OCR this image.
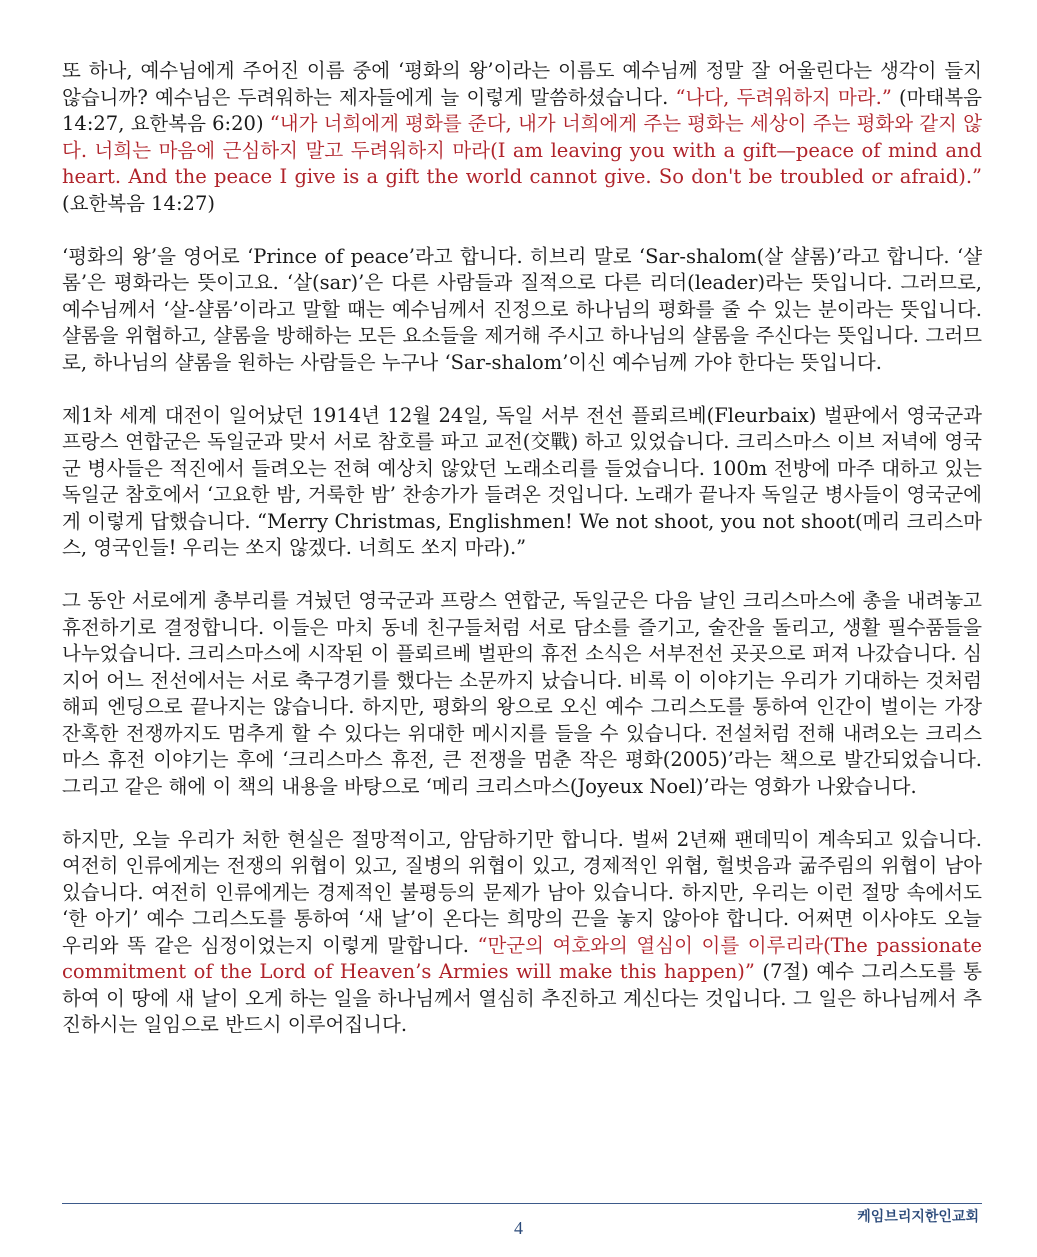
또 하나, 예수님에게 주어진 이름 중에 ‘평화의 왕’이라는 이름도 예수님께 정말 잘 어울린다는 생각이 들지 않습니까? 예수님은 두려워하는 제자들에게 늘 이렇게 말씀하셨습니다. “나다, 두려워하지 마라.” (마태복음 14:27, 요한복음 6:20) “내가 너희에게 평화를 준다, 내가 너희에게 주는 평화는 세상이 주는 평화와 같지 않다. 너희는 마음에 근심하지 말고 두려워하지 마라(I am leaving you with a gift—peace of mind and heart. And the peace I give is a gift the world cannot give. So don't be troubled or afraid).” (요한복음 14:27)

‘평화의 왕’을 영어로 ‘Prince of peace’라고 합니다. 히브리 말로 ‘Sar-shalom(살 샬롬)’라고 합니다. ‘샬롬’은 평화라는 뜻이고요. ‘살(sar)’은 다른 사람들과 질적으로 다른 리더(leader)라는 뜻입니다. 그러므로, 예수님께서 ‘살-샬롬’이라고 말할 때는 예수님께서 진정으로 하나님의 평화를 줄 수 있는 분이라는 뜻입니다. 샬롬을 위협하고, 샬롬을 방해하는 모든 요소들을 제거해 주시고 하나님의 샬롬을 주신다는 뜻입니다. 그러므로, 하나님의 샬롬을 원하는 사람들은 누구나 ‘Sar-shalom’이신 예수님께 가야 한다는 뜻입니다.

제1차 세계 대전이 일어났던 1914년 12월 24일, 독일 서부 전선 플뢰르베(Fleurbaix) 벌판에서 영국군과 프랑스 연합군은 독일군과 맞서 서로 참호를 파고 교전(交戰) 하고 있었습니다. 크리스마스 이브 저녁에 영국군 병사들은 적진에서 들려오는 전혀 예상치 않았던 노래소리를 들었습니다. 100m 전방에 마주 대하고 있는 독일군 참호에서 ‘고요한 밤, 거룩한 밤’ 찬송가가 들려온 것입니다. 노래가 끝나자 독일군 병사들이 영국군에게 이렇게 답했습니다. “Merry Christmas, Englishmen! We not shoot, you not shoot(메리 크리스마스, 영국인들! 우리는 쏘지 않겠다. 너희도 쏘지 마라).”

그 동안 서로에게 총부리를 겨눴던 영국군과 프랑스 연합군, 독일군은 다음 날인 크리스마스에 총을 내려놓고 휴전하기로 결정합니다. 이들은 마치 동네 친구들처럼 서로 담소를 즐기고, 술잔을 돌리고, 생활 필수품들을 나누었습니다. 크리스마스에 시작된 이 플뢰르베 벌판의 휴전 소식은 서부전선 곳곳으로 퍼져 나갔습니다. 심지어 어느 전선에서는 서로 축구경기를 했다는 소문까지 났습니다. 비록 이 이야기는 우리가 기대하는 것처럼 해피 엔딩으로 끝나지는 않습니다. 하지만, 평화의 왕으로 오신 예수 그리스도를 통하여 인간이 벌이는 가장 잔혹한 전쟁까지도 멈추게 할 수 있다는 위대한 메시지를 들을 수 있습니다. 전설처럼 전해 내려오는 크리스마스 휴전 이야기는 후에 ‘크리스마스 휴전, 큰 전쟁을 멈춘 작은 평화(2005)’라는 책으로 발간되었습니다. 그리고 같은 해에 이 책의 내용을 바탕으로 ‘메리 크리스마스(Joyeux Noel)’라는 영화가 나왔습니다.

하지만, 오늘 우리가 처한 현실은 절망적이고, 암담하기만 합니다. 벌써 2년째 팬데믹이 계속되고 있습니다. 여전히 인류에게는 전쟁의 위협이 있고, 질병의 위협이 있고, 경제적인 위협, 헐벗음과 굶주림의 위협이 남아 있습니다. 여전히 인류에게는 경제적인 불평등의 문제가 남아 있습니다. 하지만, 우리는 이런 절망 속에서도 ‘한 아기’ 예수 그리스도를 통하여 ‘새 날’이 온다는 희망의 끈을 놓지 않아야 합니다. 어쩌면 이사야도 오늘 우리와 똑 같은 심정이었는지 이렇게 말합니다. “만군의 여호와의 열심이 이를 이루리라(The passionate commitment of the Lord of Heaven’s Armies will make this happen)” (7절) 예수 그리스도를 통하여 이 땅에 새 날이 오게 하는 일을 하나님께서 열심히 추진하고 계신다는 것입니다. 그 일은 하나님께서 추진하시는 일임으로 반드시 이루어집니다.

케임브리지한인교회
4
